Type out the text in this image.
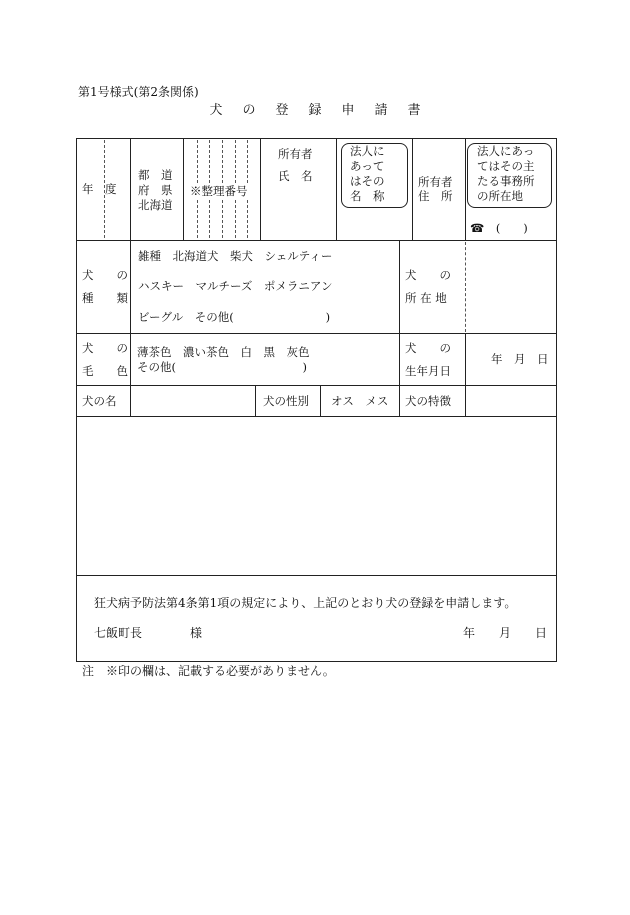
第1号様式(第2条関係)
犬の登録申請書
年　度
都　道
府　県
北海道
※整理番号
所有者
氏　名
法人に
あって
はその
名　称
所有者
住　所
法人にあっ
てはその主
たる事務所
の所在地
☎　(　　)
犬　　の
種　　類
雑種　北海道犬　柴犬　シェルティー
ハスキー　マルチーズ　ポメラニアン
ビーグル　その他(　　　　　　　　)
犬　　の
所 在 地
犬　　の
毛　　色
薄茶色　濃い茶色　白　黒　灰色
その他(　　　　　　　　　　　)
犬　　の
生年月日
年　月　日
犬の名	犬の性別 オス　メス 犬の特徴
狂犬病予防法第4条第1項の規定により、上記のとおり犬の登録を申請します。
七飯町長　　　　様	年　　月　　日
注　※印の欄は、記載する必要がありません。
